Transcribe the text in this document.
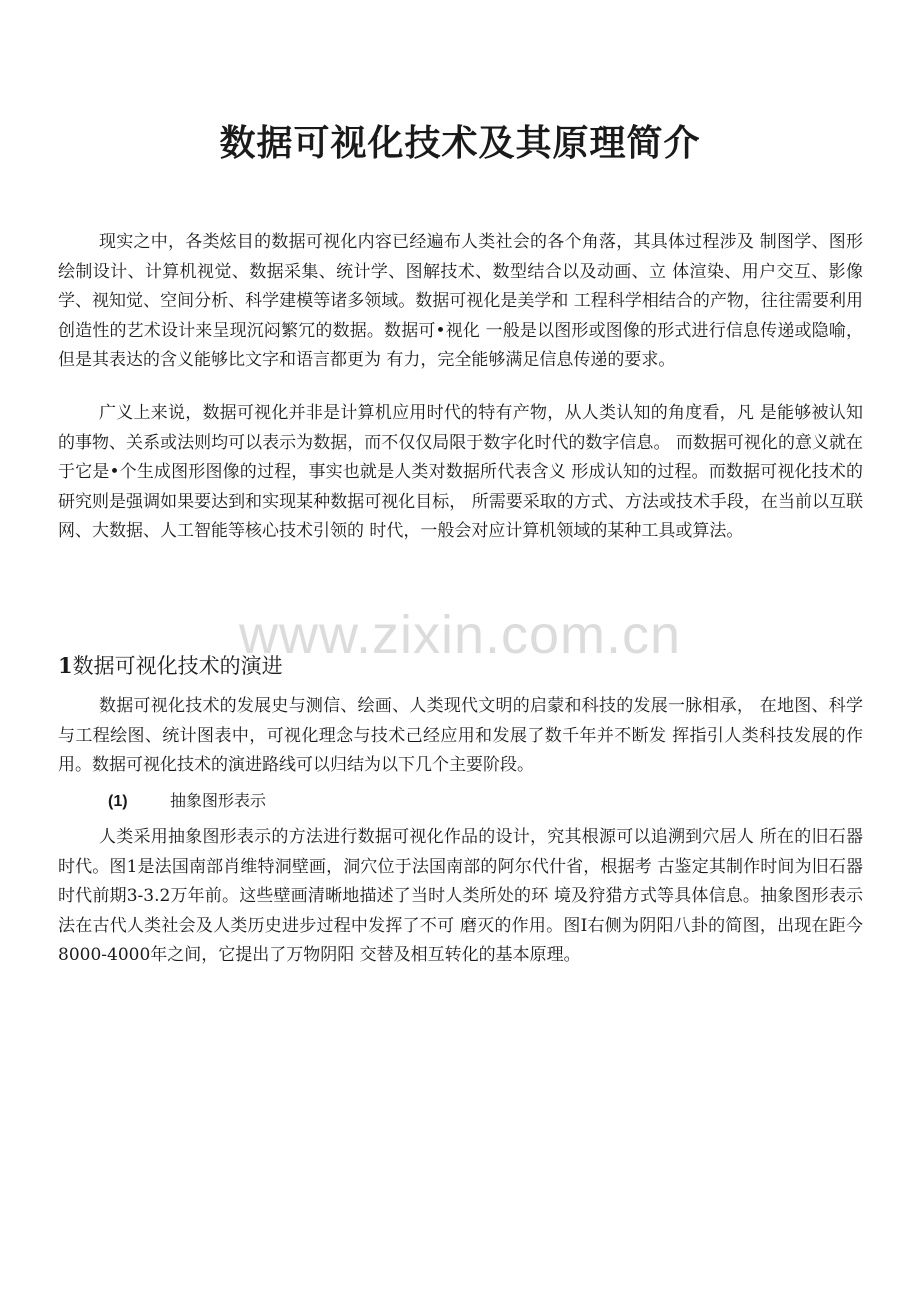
数据可视化技术及其原理简介

现实之中，各类炫目的数据可视化内容已经遍布人类社会的各个角落，其具体过程涉及 制图学、图形绘制设计、计算机视觉、数据采集、统计学、图解技术、数型结合以及动画、立 体渲染、用户交互、影像学、视知觉、空间分析、科学建模等诸多领域。数据可视化是美学和 工程科学相结合的产物，往往需要利用创造性的艺术设计来呈现沉闷繁冗的数据。数据可•视化 一般是以图形或图像的形式进行信息传递或隐喻，但是其表达的含义能够比文字和语言都更为 有力，完全能够满足信息传递的要求。

广义上来说，数据可视化并非是计算机应用时代的特有产物，从人类认知的角度看，凡 是能够被认知的事物、关系或法则均可以表示为数据，而不仅仅局限于数字化时代的数字信息。 而数据可视化的意义就在于它是•个生成图形图像的过程，事实也就是人类对数据所代表含义 形成认知的过程。而数据可视化技术的研究则是强调如果要达到和实现某种数据可视化目标， 所需要采取的方式、方法或技术手段，在当前以互联网、大数据、人工智能等核心技术引领的 时代，一般会对应计算机领域的某种工具或算法。

www.zixin.com.cn
1数据可视化技术的演进

数据可视化技术的发展史与测信、绘画、人类现代文明的启蒙和科技的发展一脉相承， 在地图、科学与工程绘图、统计图表中，可视化理念与技术己经应用和发展了数千年并不断发 挥指引人类科技发展的作用。数据可视化技术的演进路线可以归结为以下几个主要阶段。

(1)	抽象图形表示

人类采用抽象图形表示的方法进行数据可视化作品的设计，究其根源可以追溯到穴居人 所在的旧石器时代。图1是法国南部肖维特洞壁画，洞穴位于法国南部的阿尔代什省，根据考 古鉴定其制作时间为旧石器时代前期3-3.2万年前。这些壁画清晰地描述了当时人类所处的环 境及狩猎方式等具体信息。抽象图形表示法在古代人类社会及人类历史进步过程中发挥了不可 磨灭的作用。图I右侧为阴阳八卦的简图，出现在距今8000-4000年之间，它提出了万物阴阳 交替及相互转化的基本原理。
